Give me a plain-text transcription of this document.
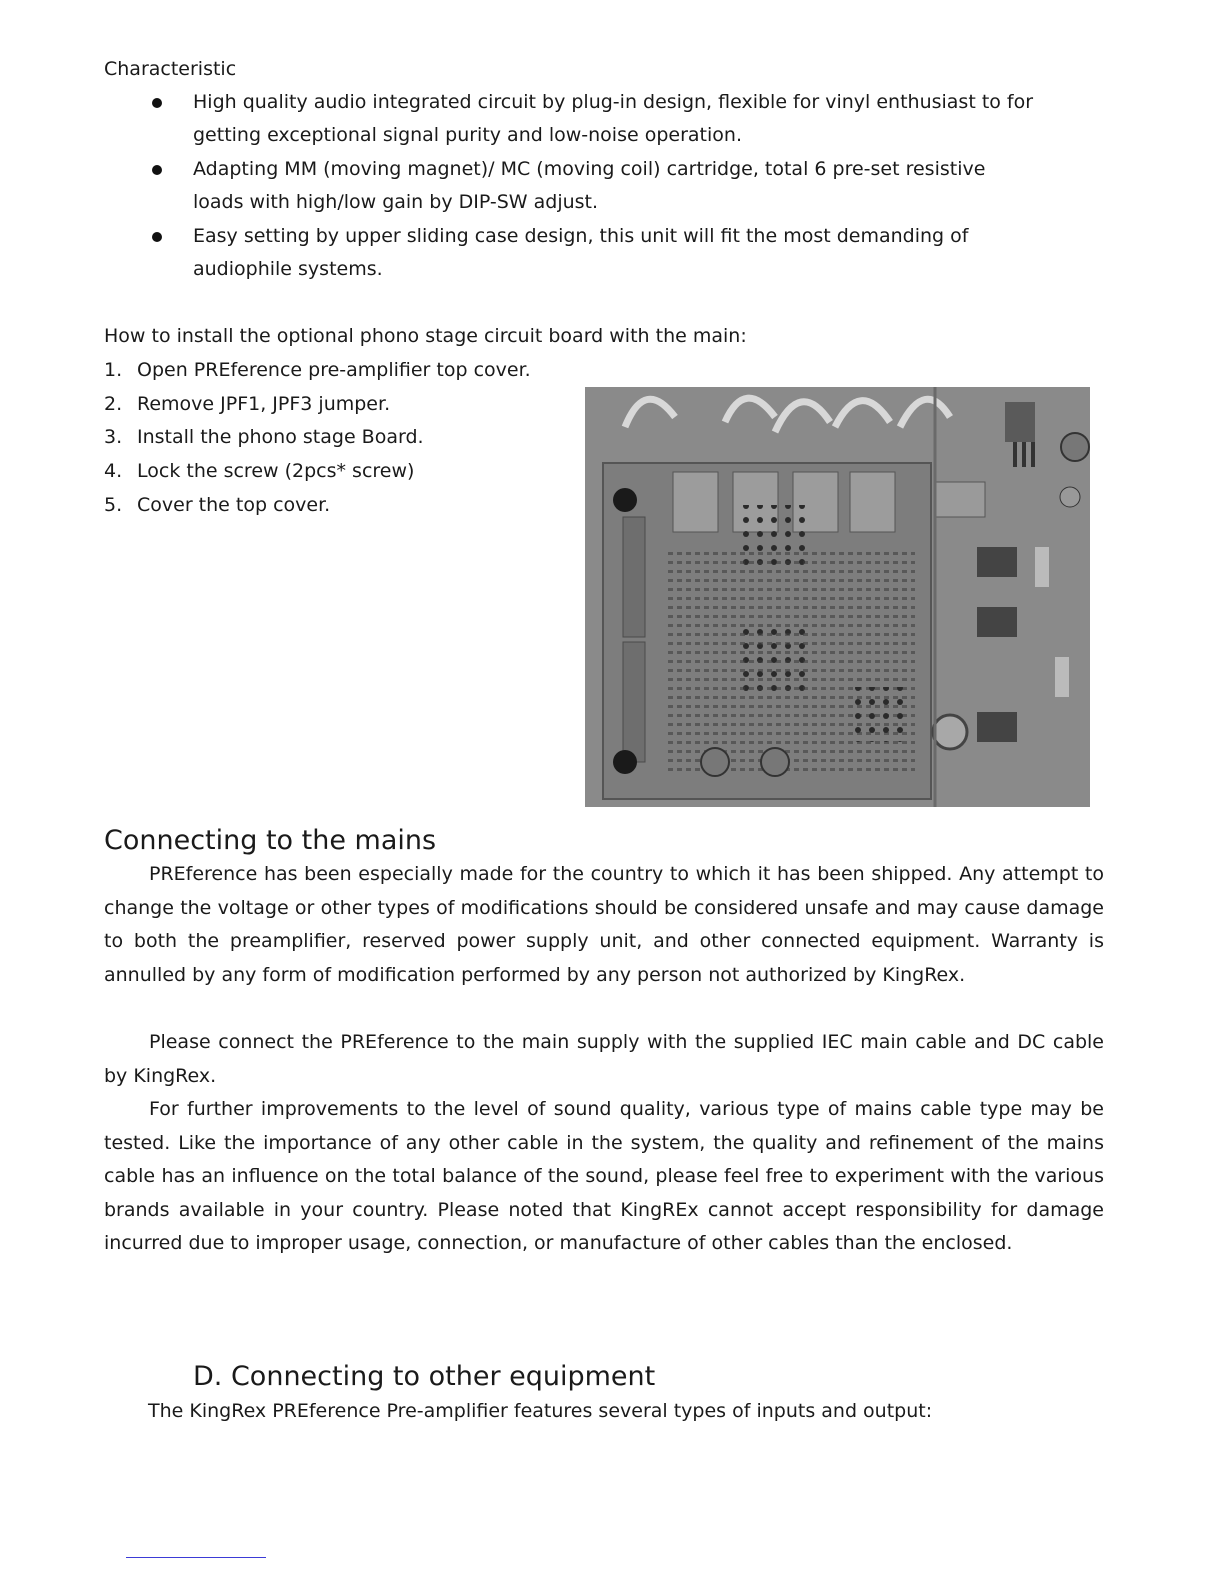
Characteristic
High quality audio integrated circuit by plug-in design, flexible for vinyl enthusiast to for
getting exceptional signal purity and low-noise operation.
Adapting MM (moving magnet)/ MC (moving coil) cartridge, total 6 pre-set resistive
loads with high/low gain by DIP-SW adjust.
Easy setting by upper sliding case design, this unit will fit the most demanding of
audiophile systems.
How to install the optional phono stage circuit board with the main:
1. Open PREference pre-amplifier top cover.
2. Remove JPF1, JPF3 jumper.
3. Install the phono stage Board.
4. Lock the screw (2pcs* screw)
5. Cover the top cover.
Connecting to the mains
PREference has been especially made for the country to which it has been shipped. Any attempt to change the voltage or other types of modifications should be considered unsafe and may cause damage to both the preamplifier, reserved power supply unit, and other connected equipment. Warranty is annulled by any form of modification performed by any person not authorized by KingRex.
Please connect the PREference to the main supply with the supplied IEC main cable and DC cable by KingRex.
For further improvements to the level of sound quality, various type of mains cable type may be tested. Like the importance of any other cable in the system, the quality and refinement of the mains cable has an influence on the total balance of the sound, please feel free to experiment with the various brands available in your country. Please noted that KingREx cannot accept responsibility for damage incurred due to improper usage, connection, or manufacture of other cables than the enclosed.
D. Connecting to other equipment
The KingRex PREference Pre-amplifier features several types of inputs and output:
